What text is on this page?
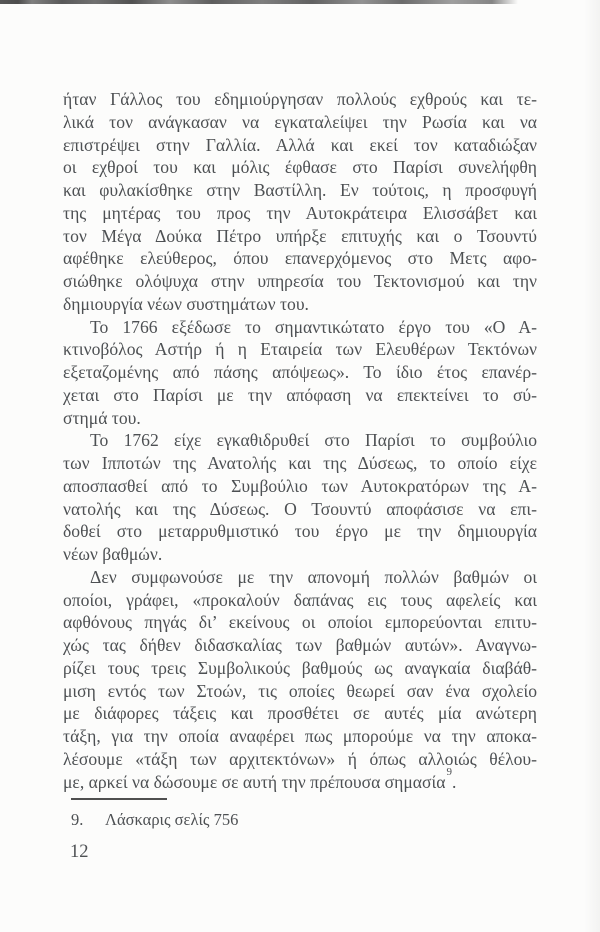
ήταν Γάλλος του εδημιούργησαν πολλούς εχθρούς και τε-

λικά τον ανάγκασαν να εγκαταλείψει την Ρωσία και να

επιστρέψει στην Γαλλία. Αλλά και εκεί τον καταδιώξαν

οι εχθροί του και μόλις έφθασε στο Παρίσι συνελήφθη

και φυλακίσθηκε στην Βαστίλλη. Εν τούτοις, η προσφυγή

της μητέρας του προς την Αυτοκράτειρα Ελισσάβετ και

τον Μέγα Δούκα Πέτρο υπήρξε επιτυχής και ο Τσουντύ

αφέθηκε ελεύθερος, όπου επανερχόμενος στο Μετς αφο-

σιώθηκε ολόψυχα στην υπηρεσία του Τεκτονισμού και την

δημιουργία νέων συστημάτων του.

Το 1766 εξέδωσε το σημαντικώτατο έργο του «Ο Α-

κτινοβόλος Αστήρ ή η Εταιρεία των Ελευθέρων Τεκτόνων

εξεταζομένης από πάσης απόψεως». Το ίδιο έτος επανέρ-

χεται στο Παρίσι με την απόφαση να επεκτείνει το σύ-

στημά του.

Το 1762 είχε εγκαθιδρυθεί στο Παρίσι το συμβούλιο

των Ιπποτών της Ανατολής και της Δύσεως, το οποίο είχε

αποσπασθεί από το Συμβούλιο των Αυτοκρατόρων της Α-

νατολής και της Δύσεως. Ο Τσουντύ αποφάσισε να επι-

δοθεί στο μεταρρυθμιστικό του έργο με την δημιουργία

νέων βαθμών.

Δεν συμφωνούσε με την απονομή πολλών βαθμών οι

οποίοι, γράφει, «προκαλούν δαπάνας εις τους αφελείς και

αφθόνους πηγάς δι’ εκείνους οι οποίοι εμπορεύονται επιτυ-

χώς τας δήθεν διδασκαλίας των βαθμών αυτών». Αναγνω-

ρίζει τους τρεις Συμβολικούς βαθμούς ως αναγκαία διαβάθ-

μιση εντός των Στοών, τις οποίες θεωρεί σαν ένα σχολείο

με διάφορες τάξεις και προσθέτει σε αυτές μία ανώτερη

τάξη, για την οποία αναφέρει πως μπορούμε να την αποκα-

λέσουμε «τάξη των αρχιτεκτόνων» ή όπως αλλοιώς θέλου-

με, αρκεί να δώσουμε σε αυτή την πρέπουσα σημασία$^9$.

9. Λάσκαρις σελίς 756
12
